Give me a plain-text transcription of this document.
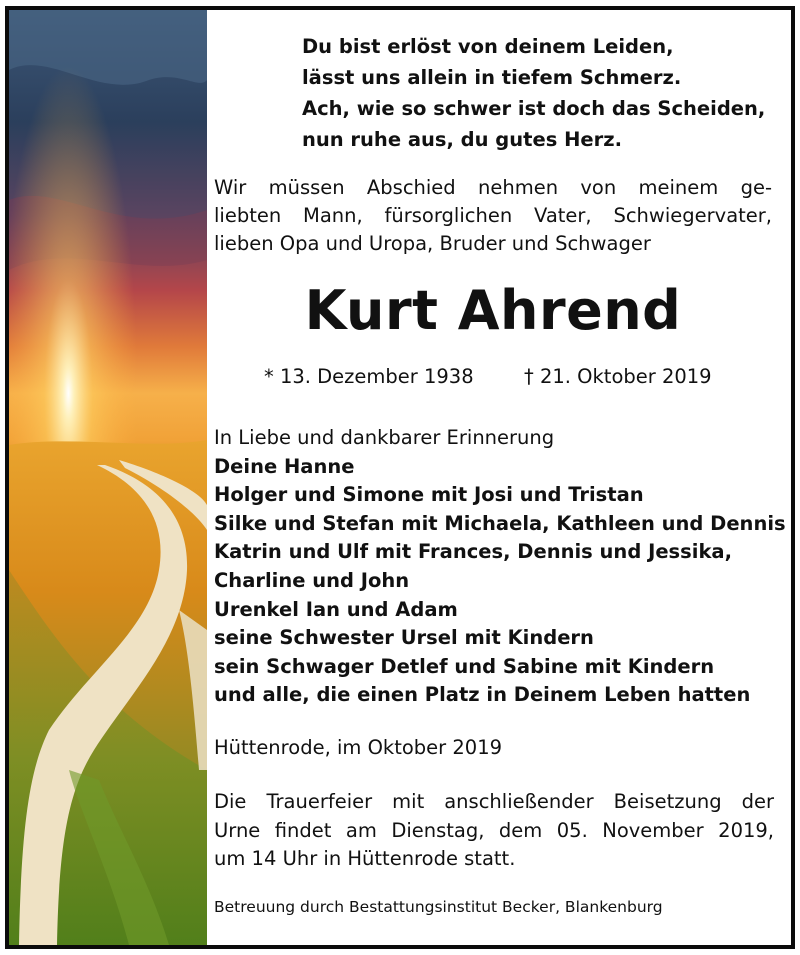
Du bist erlöst von deinem Leiden,
lässt uns allein in tiefem Schmerz.
Ach, wie so schwer ist doch das Scheiden,
nun ruhe aus, du gutes Herz.
Wir müssen Abschied nehmen von meinem ge-
liebten Mann, fürsorglichen Vater, Schwiegervater,
lieben Opa und Uropa, Bruder und Schwager
Kurt Ahrend
* 13. Dezember 1938	† 21. Oktober 2019
In Liebe und dankbarer Erinnerung
Deine Hanne
Holger und Simone mit Josi und Tristan
Silke und Stefan mit Michaela, Kathleen und Dennis
Katrin und Ulf mit Frances, Dennis und Jessika,
Charline und John
Urenkel Ian und Adam
seine Schwester Ursel mit Kindern
sein Schwager Detlef und Sabine mit Kindern
und alle, die einen Platz in Deinem Leben hatten
Hüttenrode, im Oktober 2019
Die Trauerfeier mit anschließender Beisetzung der
Urne findet am Dienstag, dem 05. November 2019,
um 14 Uhr in Hüttenrode statt.
Betreuung durch Bestattungsinstitut Becker, Blankenburg
